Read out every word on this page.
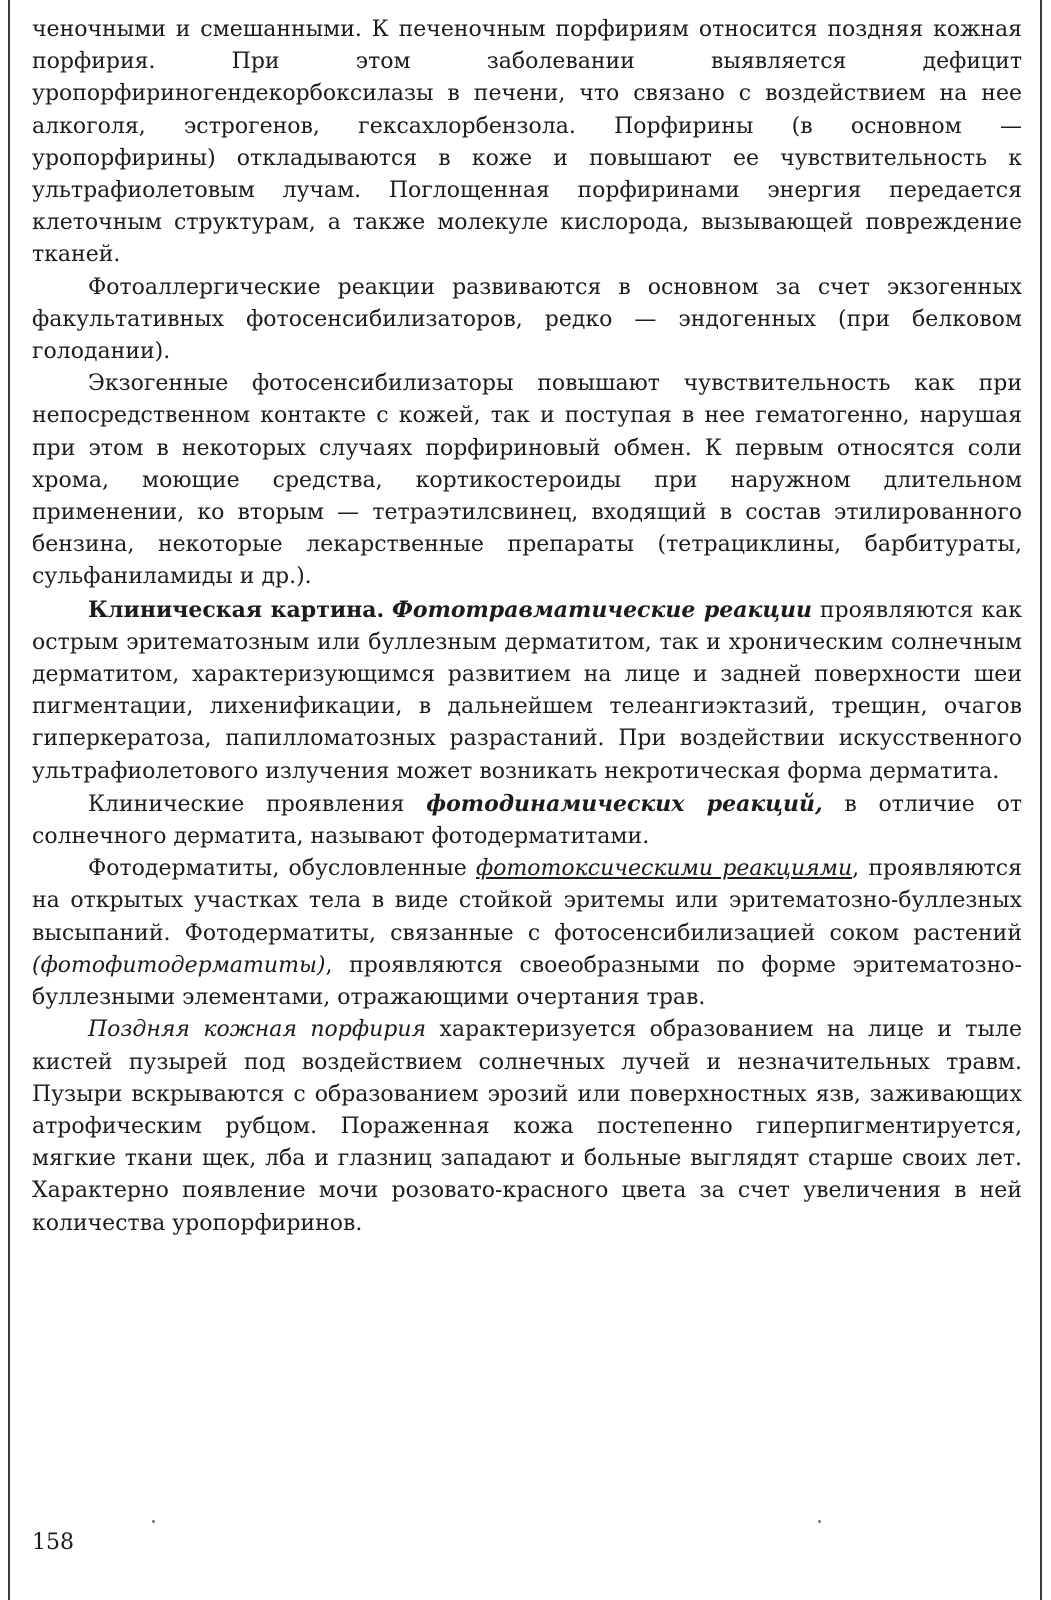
ченочными и смешанными. К печеночным порфириям относится поздняя кожная порфирия. При этом заболевании выявляется дефицит уропорфириногендекорбоксилазы в печени, что связано с воздействием на нее алкоголя, эстрогенов, гексахлорбензола. Порфирины (в основном — уропорфирины) откладываются в коже и повышают ее чувствительность к ультрафиолетовым лучам. Поглощенная порфиринами энергия передается клеточным структурам, а также молекуле кислорода, вызывающей повреждение тканей.

Фотоаллергические реакции развиваются в основном за счет экзогенных факультативных фотосенсибилизаторов, редко — эндогенных (при белковом голодании).

Экзогенные фотосенсибилизаторы повышают чувствительность как при непосредственном контакте с кожей, так и поступая в нее гематогенно, нарушая при этом в некоторых случаях порфириновый обмен. К первым относятся соли хрома, моющие средства, кортикостероиды при наружном длительном применении, ко вторым — тетраэтилсвинец, входящий в состав этилированного бензина, некоторые лекарственные препараты (тетрациклины, барбитураты, сульфаниламиды и др.).

Клиническая картина. Фототравматические реакции проявляются как острым эритематозным или буллезным дерматитом, так и хроническим солнечным дерматитом, характеризующимся развитием на лице и задней поверхности шеи пигментации, лихенификации, в дальнейшем телеангиэктазий, трещин, очагов гиперкератоза, папилломатозных разрастаний. При воздействии искусственного ультрафиолетового излучения может возникать некротическая форма дерматита.

Клинические проявления фотодинамических реакций, в отличие от солнечного дерматита, называют фотодерматитами.

Фотодерматиты, обусловленные фототоксическими реакциями, проявляются на открытых участках тела в виде стойкой эритемы или эритематозно-буллезных высыпаний. Фотодерматиты, связанные с фотосенсибилизацией соком растений (фотофитодерматиты), проявляются своеобразными по форме эритематозно-буллезными элементами, отражающими очертания трав.

Поздняя кожная порфирия характеризуется образованием на лице и тыле кистей пузырей под воздействием солнечных лучей и незначительных травм. Пузыри вскрываются с образованием эрозий или поверхностных язв, заживающих атрофическим рубцом. Пораженная кожа постепенно гиперпигментируется, мягкие ткани щек, лба и глазниц западают и больные выглядят старше своих лет. Характерно появление мочи розовато-красного цвета за счет увеличения в ней количества уропорфиринов.

158
